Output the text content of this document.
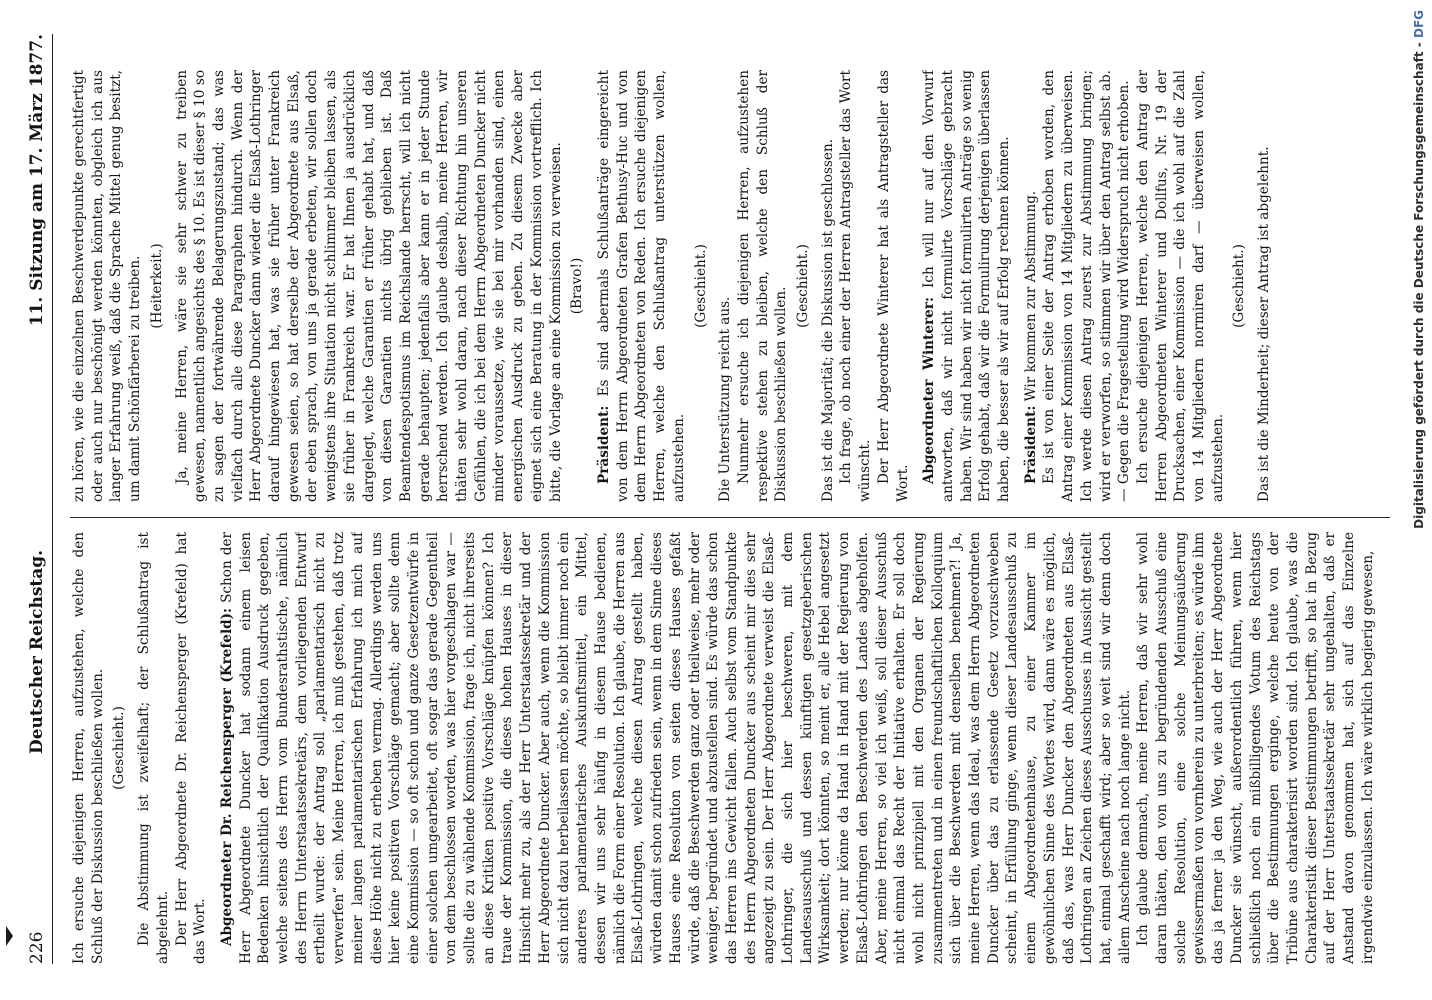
226
Deutscher Reichstag.
11. Sitzung am 17. März 1877.

Ich ersuche diejenigen Herren, aufzustehen, welche den Schluß der Diskussion beschließen wollen. (Geschieht.) Die Abstimmung ist zweifelhaft; der Schlußantrag ist abgelehnt. Der Herr Abgeordnete Dr. Reichensperger (Krefeld) hat das Wort. Abgeordneter Dr. Reichensperger (Krefeld): Schon der Herr Abgeordnete Duncker hat sodann einem leisen Bedenken hinsichtlich der Qualifikation Ausdruck gegeben, welche seitens des Herrn vom Bundesrathstische, nämlich des Herrn Unterstaatssekretärs, dem vorliegenden Entwurf ertheilt wurde: der Antrag soll „parlamentarisch nicht zu verwerfen“ sein. Meine Herren, ich muß gestehen, daß trotz meiner langen parlamentarischen Erfahrung ich mich auf diese Höhe nicht zu erheben vermag. Allerdings werden uns hier keine positiven Vorschläge gemacht; aber sollte denn eine Kommission — so oft schon und ganze Gesetzentwürfe in einer solchen umgearbeitet, oft sogar das gerade Gegentheil von dem beschlossen worden, was hier vorgeschlagen war — sollte die zu wählende Kommission, frage ich, nicht ihrerseits an diese Kritiken positive Vorschläge knüpfen können? Ich traue der Kommission, die dieses hohen Hauses in dieser Hinsicht mehr zu, als der Herr Unterstaatssekretär und der Herr Abgeordnete Duncker. Aber auch, wenn die Kommission sich nicht dazu herbeilassen möchte, so bleibt immer noch ein anderes parlamentarisches Auskunftsmittel, ein Mittel, dessen wir uns sehr häufig in diesem Hause bedienen, nämlich die Form einer Resolution. Ich glaube, die Herren aus Elsaß-Lothringen, welche diesen Antrag gestellt haben, würden damit schon zufrieden sein, wenn in dem Sinne dieses Hauses eine Resolution von seiten dieses Hauses gefaßt würde, daß die Beschwerden ganz oder theilweise, mehr oder weniger, begründet und abzustellen sind. Es würde das schon das Herren ins Gewicht fallen. Auch selbst vom Standpunkte des Herrn Abgeordneten Duncker aus scheint mir dies sehr angezeigt zu sein. Der Herr Abgeordnete verweist die Elsaß-Lothringer, die sich hier beschweren, mit dem Landesausschuß und dessen künftigen gesetzgeberischen Wirksamkeit; dort könnten, so meint er, alle Hebel angesetzt werden; nur könne da Hand in Hand mit der Regierung von Elsaß-Lothringen den Beschwerden des Landes abgeholfen. Aber, meine Herren, so viel ich weiß, soll dieser Ausschuß nicht einmal das Recht der Initiative erhalten. Er soll doch wohl nicht prinzipiell mit den Organen der Regierung zusammentreten und in einen freundschaftlichen Kolloquium sich über die Beschwerden mit denselben benehmen?! Ja, meine Herren, wenn das Ideal, was dem Herrn Abgeordneten Duncker über das zu erlassende Gesetz vorzuschweben scheint, in Erfüllung ginge, wenn dieser Landesausschuß zu einem Abgeordnetenhause, zu einer Kammer im gewöhnlichen Sinne des Wortes wird, dann wäre es möglich, daß das, was Herr Duncker den Abgeordneten aus Elsaß-Lothringen an Zeichen dieses Ausschusses in Aussicht gestellt hat, einmal geschafft wird; aber so weit sind wir denn doch allem Anscheine nach noch lange nicht. Ich glaube demnach, meine Herren, daß wir sehr wohl daran thäten, den von uns zu begründenden Ausschuß eine solche Resolution, eine solche Meinungsäußerung gewissermaßen von vornherein zu unterbreiten; es würde ihm das ja ferner ja den Weg, wie auch der Herr Abgeordnete Duncker sie wünscht, außerordentlich führen, wenn hier schließlich noch ein mißbilligendes Votum des Reichstags über die Bestimmungen erginge, welche heute von der Tribüne aus charakterisirt worden sind. Ich glaube, was die Charakteristik dieser Bestimmungen betrifft, so hat in Bezug auf der Herr Unterstaatssekretär sehr ungehalten, daß er Anstand davon genommen hat, sich auf das Einzelne irgendwie einzulassen. Ich wäre wirklich begierig gewesen,

zu hören, wie die einzelnen Beschwerdepunkte gerechtfertigt oder auch nur beschönigt werden könnten, obgleich ich aus langer Erfahrung weiß, daß die Sprache Mittel genug besitzt, um damit Schönfärberei zu treiben. (Heiterkeit.) Ja, meine Herren, wäre sie sehr schwer zu treiben gewesen, namentlich angesichts des § 10. Es ist dieser § 10 so zu sagen der fortwährende Belagerungszustand; das was vielfach durch alle diese Paragraphen hindurch. Wenn der Herr Abgeordnete Duncker dann wieder die Elsaß-Lothringer darauf hingewiesen hat, was sie früher unter Frankreich gewesen seien, so hat derselbe der Abgeordnete aus Elsaß, der eben sprach, von uns ja gerade erbeten, wir sollen doch wenigstens ihre Situation nicht schlimmer bleiben lassen, als sie früher in Frankreich war. Er hat Ihnen ja ausdrücklich dargelegt, welche Garantien er früher gehabt hat, und daß von diesen Garantien nichts übrig geblieben ist. Daß Beamtendespotismus im Reichslande herrscht, will ich nicht gerade behaupten; jedenfalls aber kann er in jeder Stunde herrschend werden. Ich glaube deshalb, meine Herren, wir thäten sehr wohl daran, nach dieser Richtung hin unseren Gefühlen, die ich bei dem Herrn Abgeordneten Duncker nicht minder voraussetze, wie sie bei mir vorhanden sind, einen energischen Ausdruck zu geben. Zu diesem Zwecke aber eignet sich eine Beratung in der Kommission vortrefflich. Ich bitte, die Vorlage an eine Kommission zu verweisen. (Bravo!)

Präsident: Es sind abermals Schlußanträge eingereicht von dem Herrn Abgeordneten Grafen Bethusy-Huc und von dem Herrn Abgeordneten von Reden. Ich ersuche diejenigen Herren, welche den Schlußantrag unterstützen wollen, aufzustehen.

(Geschieht.)

Die Unterstützung reicht aus. Nunmehr ersuche ich diejenigen Herren, aufzustehen respektive stehen zu bleiben, welche den Schluß der Diskussion beschließen wollen.

(Geschieht.) Das ist die Majorität; die Diskussion ist geschlossen. Ich frage, ob noch einer der Herren Antragsteller das Wort wünscht. Der Herr Abgeordnete Winterer hat als Antragsteller das Wort. Abgeordneter Winterer: Ich will nur auf den Vorwurf antworten, daß wir nicht formulirte Vorschläge gebracht haben. Wir sind haben wir nicht formulirten Anträge so wenig Erfolg gehabt, daß wir die Formulirung derjenigen überlassen haben, die besser als wir auf Erfolg rechnen können. Präsident: Wir kommen zur Abstimmung. Es ist von einer Seite der Antrag erhoben worden, den Antrag einer Kommission von 14 Mitgliedern zu überweisen. Ich werde diesen Antrag zuerst zur Abstimmung bringen; wird er verworfen, so stimmen wir über den Antrag selbst ab. — Gegen die Fragestellung wird Widerspruch nicht erhoben. Ich ersuche diejenigen Herren, welche den Antrag der Herren Abgeordneten Winterer und Dollfus, Nr. 19 der Drucksachen, einer Kommission — die ich wohl auf die Zahl von 14 Mitgliedern normiren darf — überweisen wollen, aufzustehen.

(Geschieht.) Das ist die Minderheit; dieser Antrag ist abgelehnt.	Digitalisierung gefördert durch die Deutsche Forschungsgemeinschaft - DFG
